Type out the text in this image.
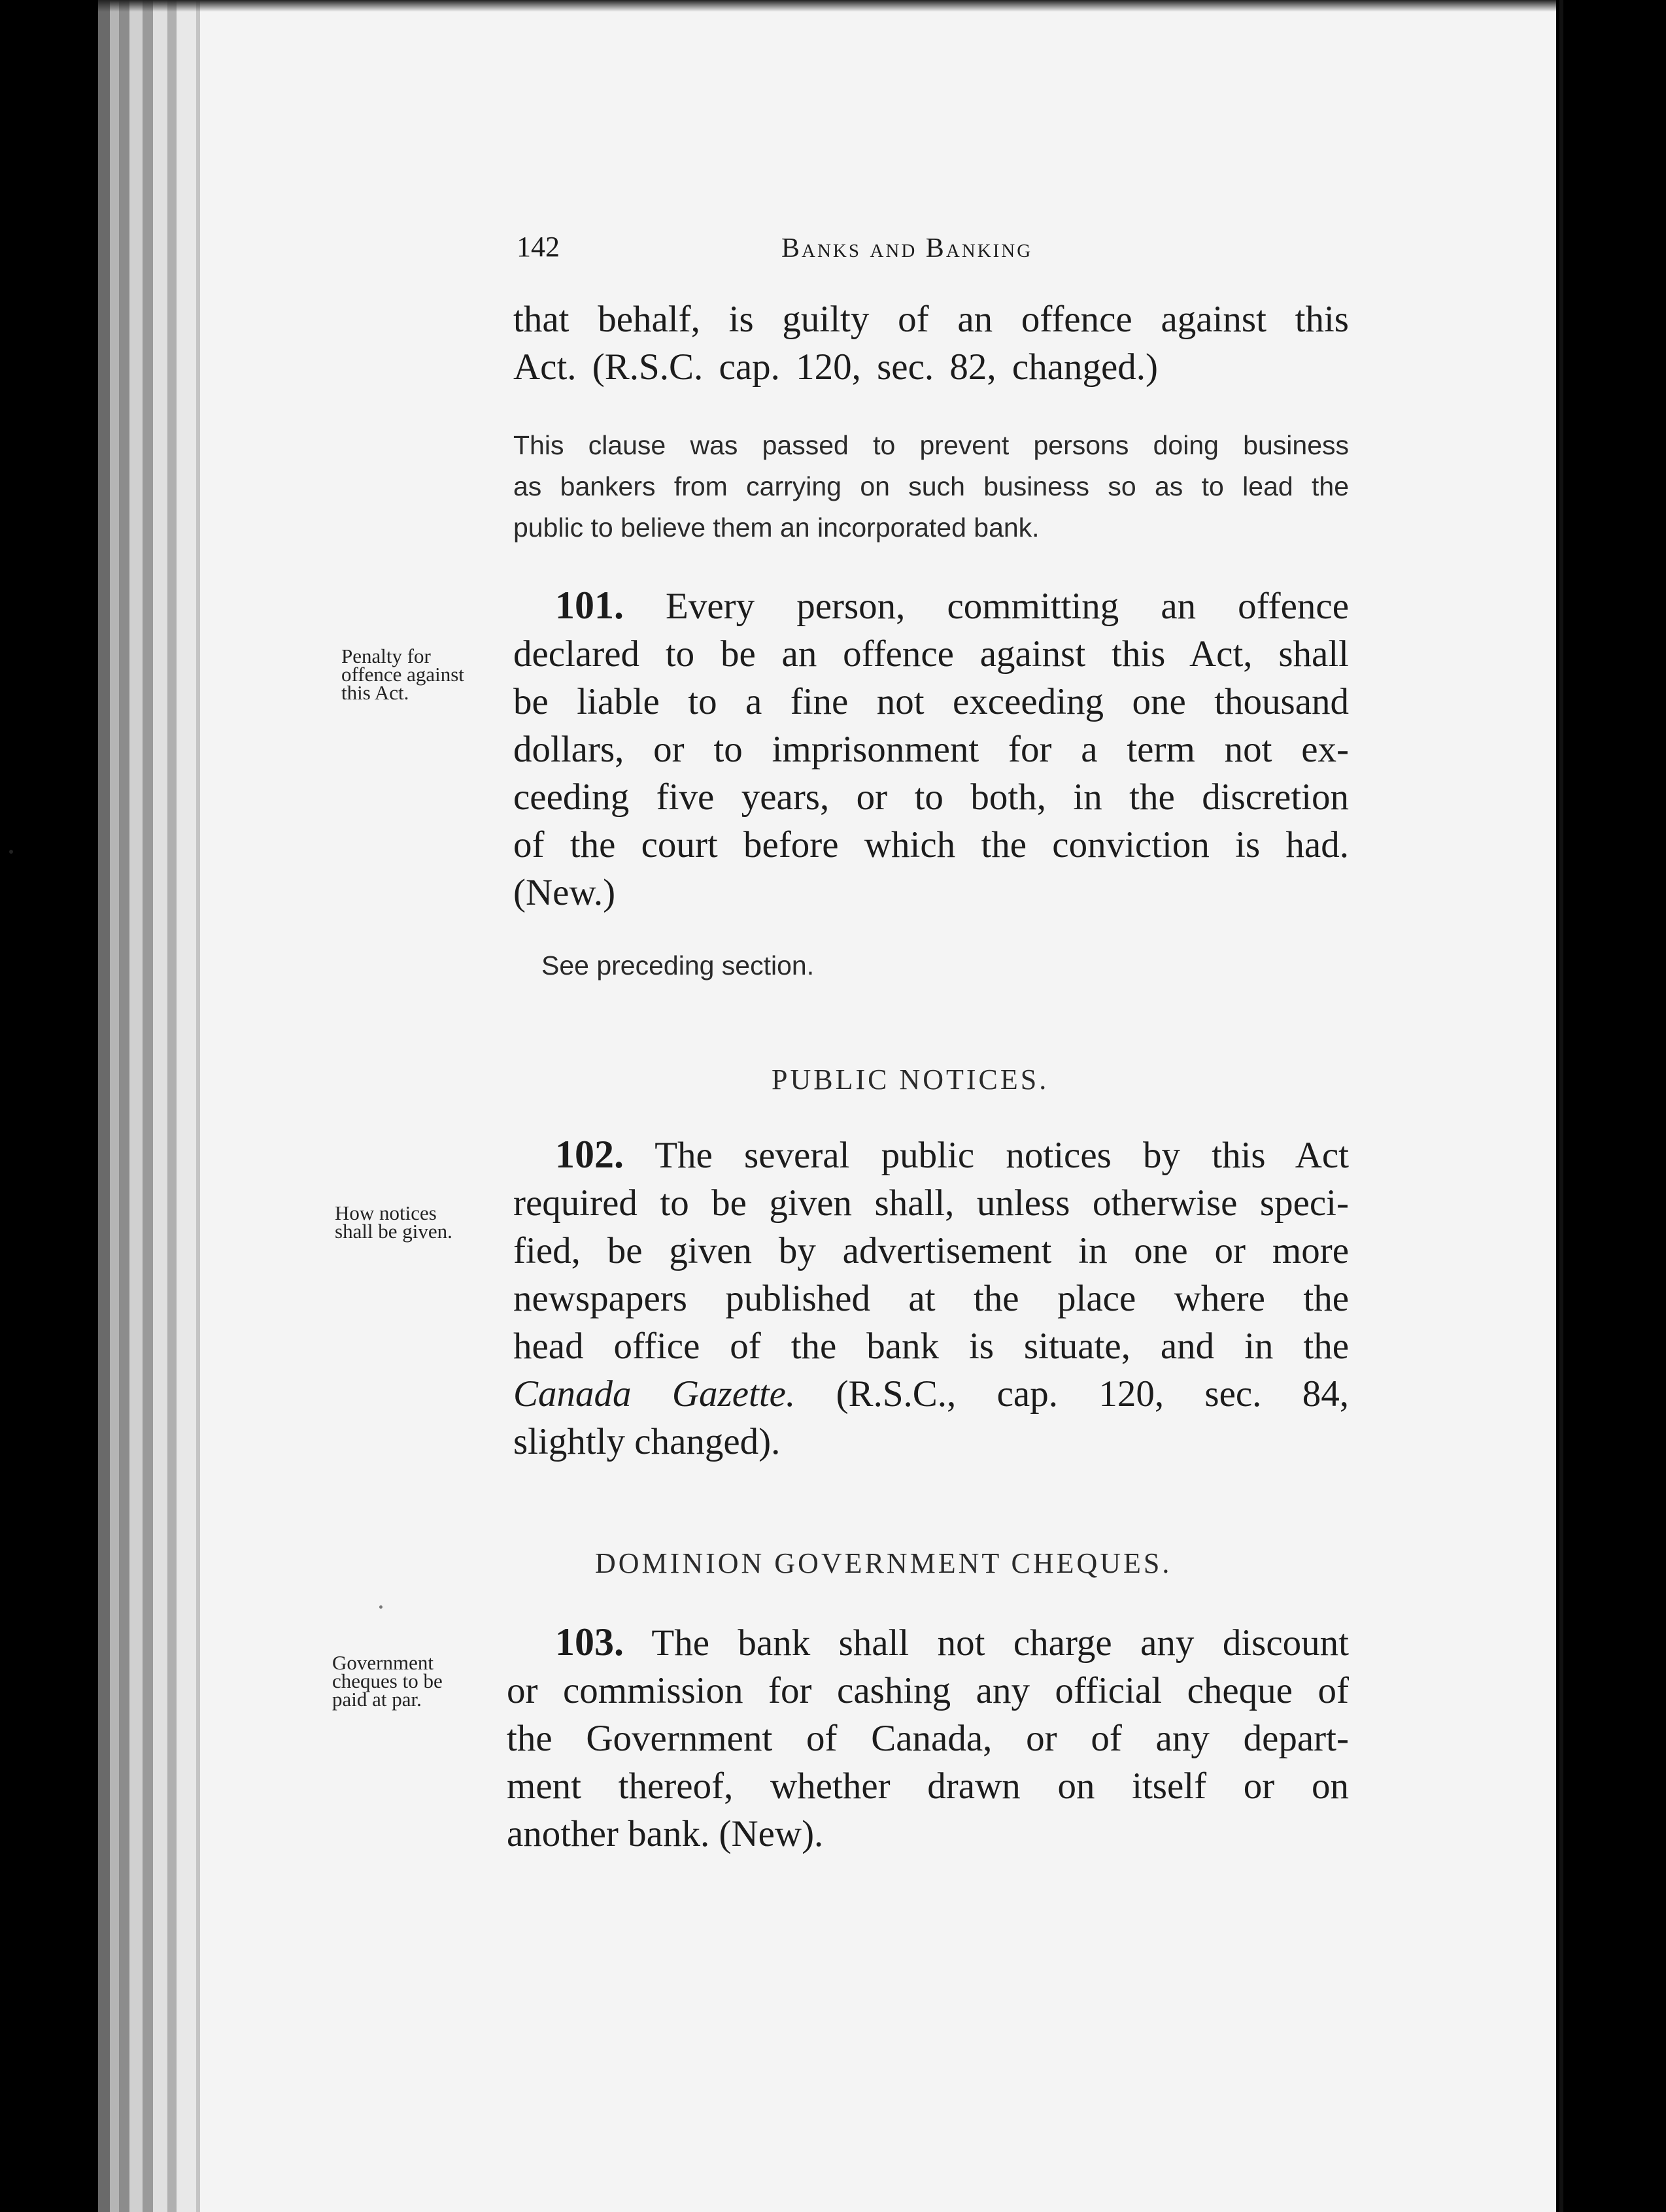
142	Banks and Banking
that behalf, is guilty of an offence against this
Act. (R.S.C. cap. 120, sec. 82, changed.)
This clause was passed to prevent persons doing business
as bankers from carrying on such business so as to lead the
public to believe them an incorporated bank.
Penalty for
offence against
this Act.
101. Every person, committing an offence
declared to be an offence against this Act, shall
be liable to a fine not exceeding one thousand
dollars, or to imprisonment for a term not ex-
ceeding five years, or to both, in the discretion
of the court before which the conviction is had.
(New.)
See preceding section.
PUBLIC NOTICES.
How notices
shall be given.
102. The several public notices by this Act
required to be given shall, unless otherwise speci-
fied, be given by advertisement in one or more
newspapers published at the place where the
head office of the bank is situate, and in the
Canada Gazette. (R.S.C., cap. 120, sec. 84,
slightly changed).
DOMINION GOVERNMENT CHEQUES.
Government
cheques to be
paid at par.
103. The bank shall not charge any discount
or commission for cashing any official cheque of
the Government of Canada, or of any depart-
ment thereof, whether drawn on itself or on
another bank. (New).
